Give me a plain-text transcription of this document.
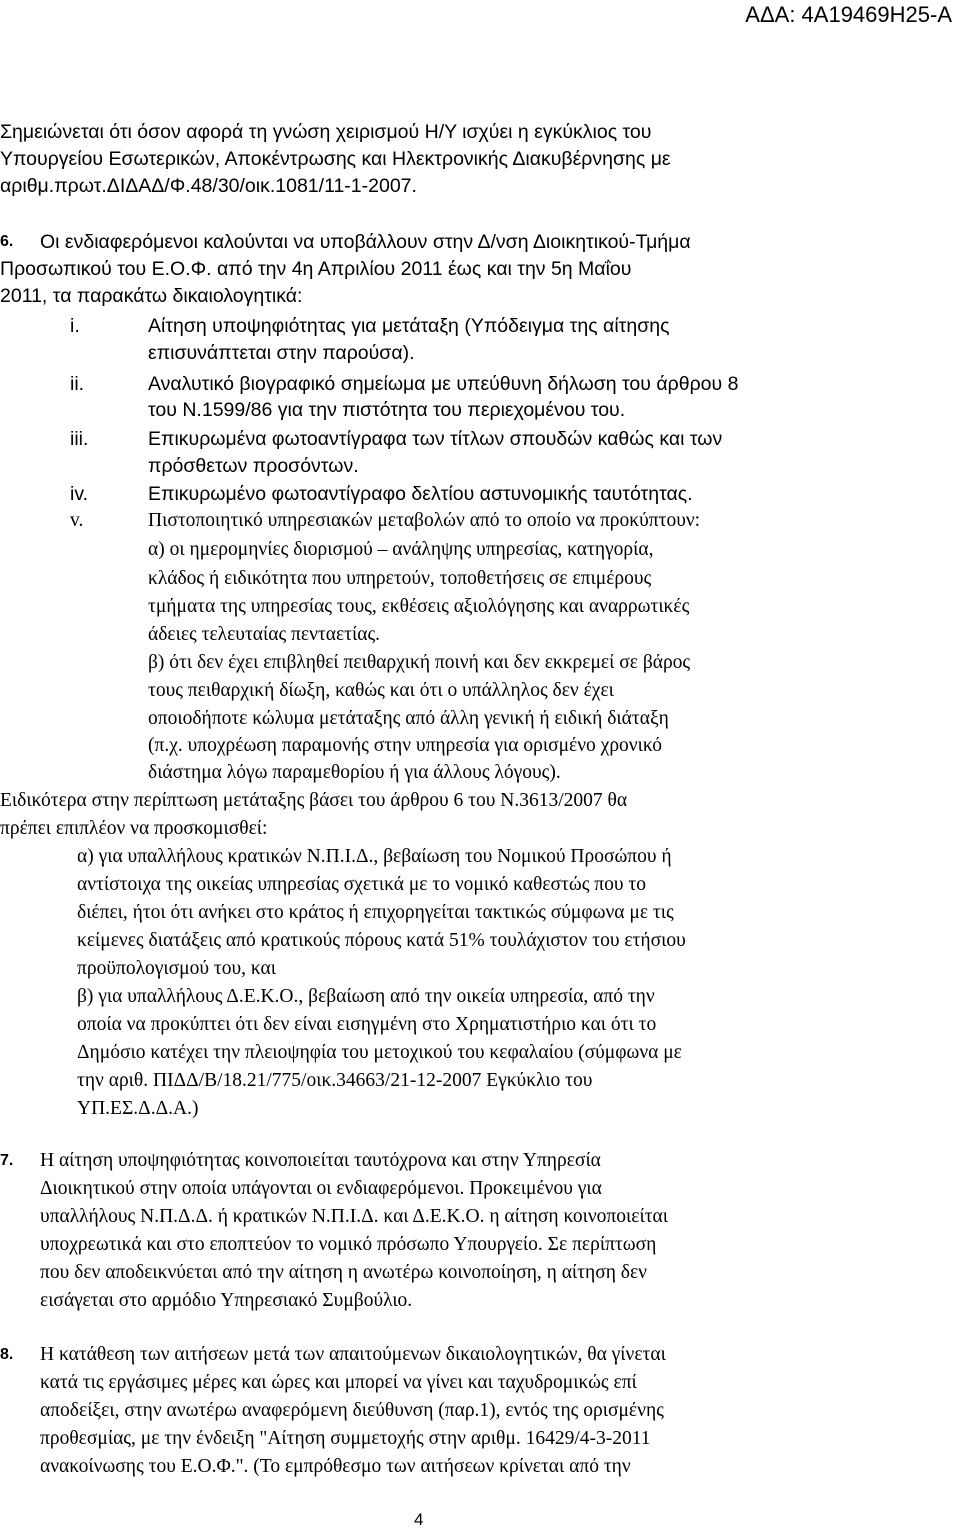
ΑΔΑ: 4Α19469Η25-Α
Σημειώνεται ότι όσον αφορά τη γνώση χειρισμού Η/Υ ισχύει η εγκύκλιος του
Υπουργείου Εσωτερικών, Αποκέντρωσης και Ηλεκτρονικής Διακυβέρνησης με
αριθμ.πρωτ.ΔΙΔΑΔ/Φ.48/30/οικ.1081/11-1-2007.
6. Οι ενδιαφερόμενοι καλούνται να υποβάλλουν στην Δ/νση Διοικητικού-Τμήμα
Προσωπικού του Ε.Ο.Φ. από την 4η Απριλίου 2011 έως και την 5η Μαΐου
2011, τα παρακάτω δικαιολογητικά:
i.	Αίτηση υποψηφιότητας για μετάταξη (Υπόδειγμα της αίτησης
επισυνάπτεται στην παρούσα).
ii.	Αναλυτικό βιογραφικό σημείωμα με υπεύθυνη δήλωση του άρθρου 8
του Ν.1599/86 για την πιστότητα του περιεχομένου του.
iii.	Επικυρωμένα φωτοαντίγραφα των τίτλων σπουδών καθώς και των
πρόσθετων προσόντων.
iv.	Επικυρωμένο φωτοαντίγραφο δελτίου αστυνομικής ταυτότητας.
v.	Πιστοποιητικό υπηρεσιακών μεταβολών από το οποίο να προκύπτουν:
α) οι ημερομηνίες διορισμού – ανάληψης υπηρεσίας, κατηγορία,
κλάδος ή ειδικότητα που υπηρετούν, τοποθετήσεις σε επιμέρους
τμήματα της υπηρεσίας τους, εκθέσεις αξιολόγησης και αναρρωτικές
άδειες τελευταίας πενταετίας.
β) ότι δεν έχει επιβληθεί πειθαρχική ποινή και δεν εκκρεμεί σε βάρος
τους πειθαρχική δίωξη, καθώς και ότι ο υπάλληλος δεν έχει
οποιοδήποτε κώλυμα μετάταξης από άλλη γενική ή ειδική διάταξη
(π.χ. υποχρέωση παραμονής στην υπηρεσία για ορισμένο χρονικό
διάστημα λόγω παραμεθορίου ή για άλλους λόγους).
Ειδικότερα στην περίπτωση μετάταξης βάσει του άρθρου 6 του Ν.3613/2007 θα
πρέπει επιπλέον να προσκομισθεί:
α) για υπαλλήλους κρατικών Ν.Π.Ι.Δ., βεβαίωση του Νομικού Προσώπου ή
αντίστοιχα της οικείας υπηρεσίας σχετικά με το νομικό καθεστώς που το
διέπει, ήτοι ότι ανήκει στο κράτος ή επιχορηγείται τακτικώς σύμφωνα με τις
κείμενες διατάξεις από κρατικούς πόρους κατά 51% τουλάχιστον του ετήσιου
προϋπολογισμού του, και
β) για υπαλλήλους Δ.Ε.Κ.Ο., βεβαίωση από την οικεία υπηρεσία, από την
οποία να προκύπτει ότι δεν είναι εισηγμένη στο Χρηματιστήριο και ότι το
Δημόσιο κατέχει την πλειοψηφία του μετοχικού του κεφαλαίου (σύμφωνα με
την αριθ. ΠΙΔΔ/Β/18.21/775/οικ.34663/21-12-2007 Εγκύκλιο του
ΥΠ.ΕΣ.Δ.Δ.Α.)
7. Η αίτηση υποψηφιότητας κοινοποιείται ταυτόχρονα και στην Υπηρεσία
Διοικητικού στην οποία υπάγονται οι ενδιαφερόμενοι. Προκειμένου για
υπαλλήλους Ν.Π.Δ.Δ. ή κρατικών Ν.Π.Ι.Δ. και Δ.Ε.Κ.Ο. η αίτηση κοινοποιείται
υποχρεωτικά και στο εποπτεύον το νομικό πρόσωπο Υπουργείο. Σε περίπτωση
που δεν αποδεικνύεται από την αίτηση η ανωτέρω κοινοποίηση, η αίτηση δεν
εισάγεται στο αρμόδιο Υπηρεσιακό Συμβούλιο.
8. Η κατάθεση των αιτήσεων μετά των απαιτούμενων δικαιολογητικών, θα γίνεται
κατά τις εργάσιμες μέρες και ώρες και μπορεί να γίνει και ταχυδρομικώς επί
αποδείξει, στην ανωτέρω αναφερόμενη διεύθυνση (παρ.1), εντός της ορισμένης
προθεσμίας, με την ένδειξη "Αίτηση συμμετοχής στην αριθμ. 16429/4-3-2011
ανακοίνωσης του Ε.Ο.Φ.". (Το εμπρόθεσμο των αιτήσεων κρίνεται από την
4
